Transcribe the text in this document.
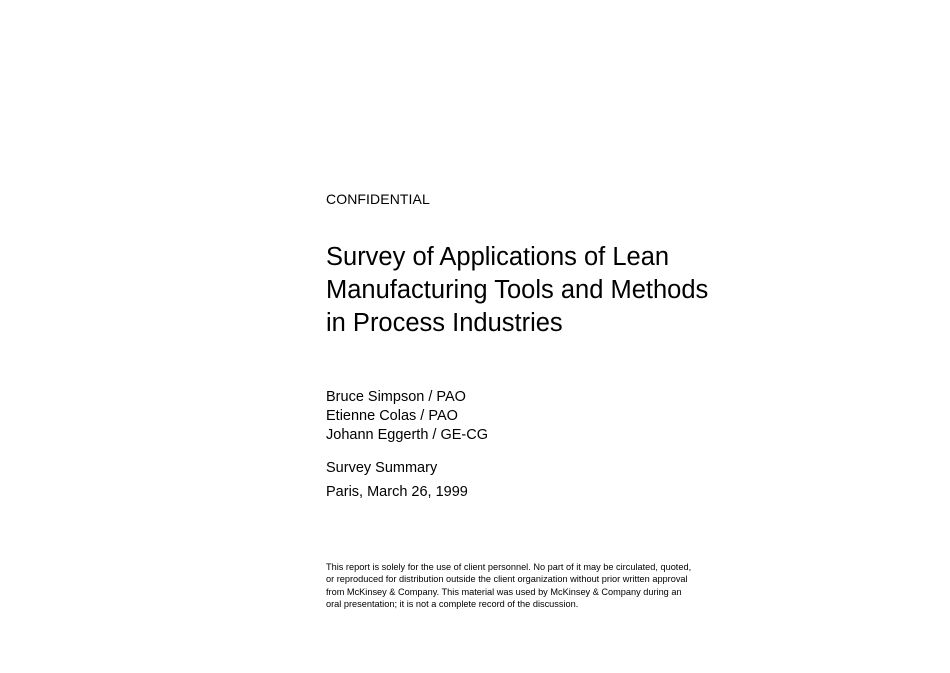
CONFIDENTIAL
Survey of Applications of Lean
Manufacturing Tools and Methods
in Process Industries
Bruce Simpson / PAO
Etienne Colas / PAO
Johann Eggerth / GE-CG
Survey Summary
Paris, March 26, 1999
This report is solely for the use of client personnel. No part of it may be circulated, quoted,
or reproduced for distribution outside the client organization without prior written approval
from McKinsey & Company. This material was used by McKinsey & Company during an
oral presentation; it is not a complete record of the discussion.
